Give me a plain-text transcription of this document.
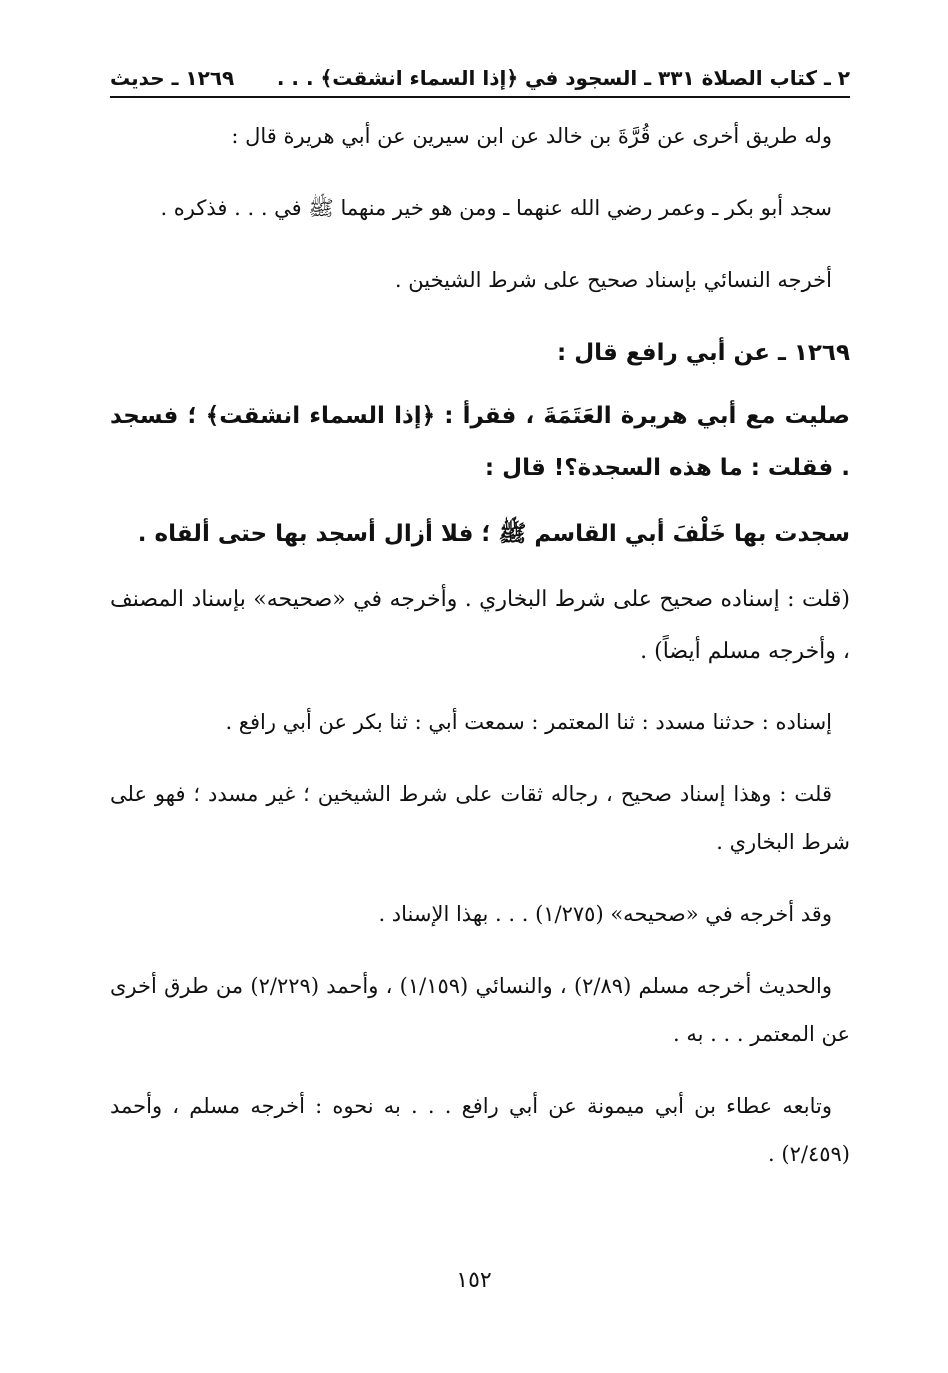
٢ ـ كتاب الصلاة ٣٣١ ـ السجود في ﴿إذا السماء انشقت﴾ . . .
١٢٦٩ ـ حديث

وله طريق أخرى عن قُرَّةَ بن خالد عن ابن سيرين عن أبي هريرة قال :

سجد أبو بكر ـ وعمر رضي الله عنهما ـ ومن هو خير منهما ﷺ في . . . فذكره .

أخرجه النسائي بإسناد صحيح على شرط الشيخين .

١٢٦٩ ـ عن أبي رافع قال :

صليت مع أبي هريرة العَتَمَةَ ، فقرأ : ﴿إذا السماء انشقت﴾ ؛ فسجد . فقلت : ما هذه السجدة؟! قال :

سجدت بها خَلْفَ أبي القاسم ﷺ ؛ فلا أزال أسجد بها حتى ألقاه .

(قلت : إسناده صحيح على شرط البخاري . وأخرجه في «صحيحه» بإسناد المصنف ، وأخرجه مسلم أيضاً) .

إسناده : حدثنا مسدد : ثنا المعتمر : سمعت أبي : ثنا بكر عن أبي رافع .

قلت : وهذا إسناد صحيح ، رجاله ثقات على شرط الشيخين ؛ غير مسدد ؛ فهو على شرط البخاري .

وقد أخرجه في «صحيحه» (١/٢٧٥) . . . بهذا الإسناد .

والحديث أخرجه مسلم (٢/٨٩) ، والنسائي (١/١٥٩) ، وأحمد (٢/٢٢٩) من طرق أخرى عن المعتمر . . . به .

وتابعه عطاء بن أبي ميمونة عن أبي رافع . . . به نحوه : أخرجه مسلم ، وأحمد (٢/٤٥٩) .

١٥٢
